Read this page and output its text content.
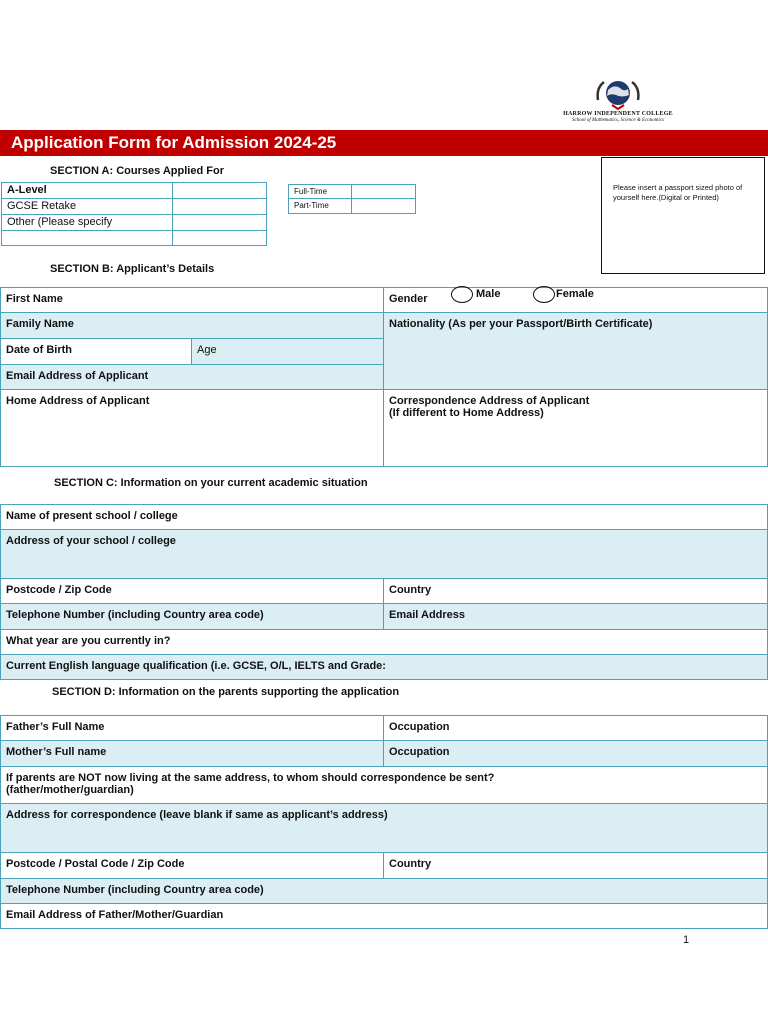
HARROW INDEPENDENT COLLEGE
School of Mathematics, Science & Economics
Application Form for Admission 2024-25
SECTION A: Courses Applied For
A-Level
GCSE Retake
Other (Please specify
Full-Time
Part-Time
Please insert a passport sized photo of yourself here.(Digital or Printed)
SECTION B: Applicant’s Details
First Name	Gender	Male	Female
Family Name	Nationality (As per your Passport/Birth Certificate)
Date of Birth	Age
Email Address of Applicant
Home Address of Applicant	Correspondence Address of Applicant
(If different to Home Address)
SECTION C: Information on your current academic situation
Name of present school / college
Address of your school / college
Postcode / Zip Code	Country
Telephone Number (including Country area code)	Email Address
What year are you currently in?
Current English language qualification (i.e. GCSE, O/L, IELTS and Grade:
SECTION D: Information on the parents supporting the application
Father’s Full Name	Occupation
Mother’s Full name	Occupation
If parents are NOT now living at the same address, to whom should correspondence be sent?
(father/mother/guardian)
Address for correspondence (leave blank if same as applicant’s address)
Postcode / Postal Code / Zip Code	Country
Telephone Number (including Country area code)
Email Address of Father/Mother/Guardian
1
